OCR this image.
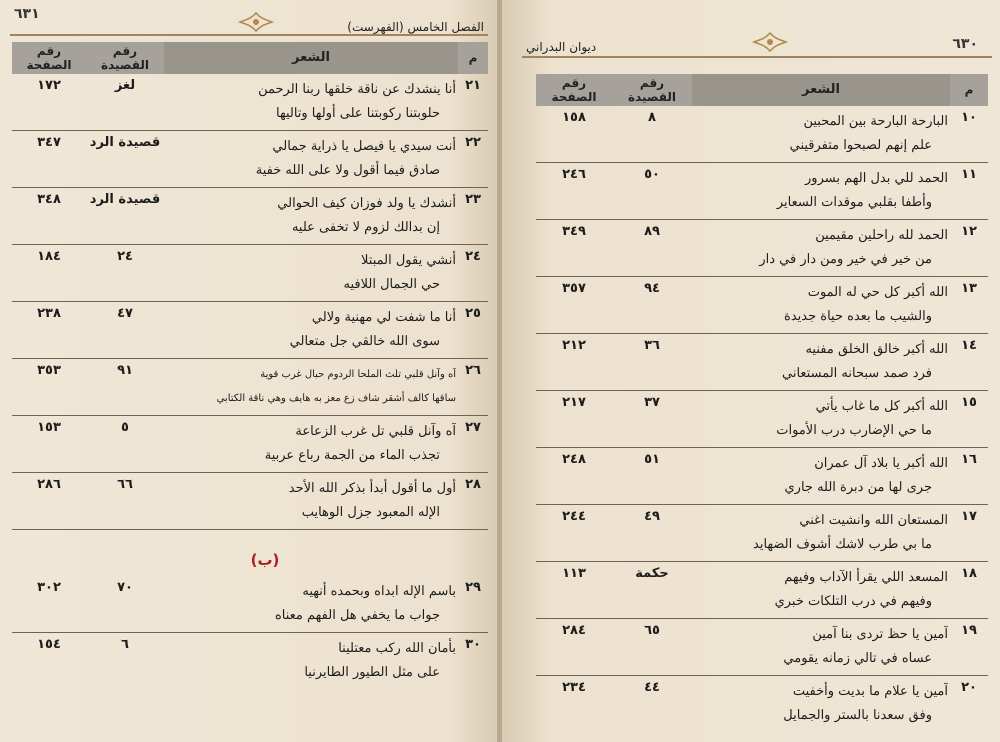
٦٣١
الفصل الخامس (الفهرست)
م	الشعر	رقم القصيدة	رقم الصفحة
٢١	أنا ينشدك عن ناقة خلقها ربنا الرحمن
حلوبتنا ركوبتنا على أولها وتاليها	لغز	١٧٢
٢٢	أنت سيدي يا فيصل يا ذراية جمالي
صادق فيما أقول ولا على الله خفية	قصيدة الرد	٣٤٧
٢٣	أنشدك يا ولد فوزان كيف الحوالي
إن بدالك لزوم لا تخفى عليه	قصيدة الرد	٣٤٨
٢٤	أنشي يقول المبتلا
حي الجمال اللافيه	٢٤	١٨٤
٢٥	أنا ما شفت لي مهنية ولالي
سوى الله خالقي جل متعالي	٤٧	٢٣٨
٢٦	آه وآنل قلبي تلث الملحا الردوم حبال غرب قوية
ساقها كالف أشقر شاف زع معز به هايف وهي ناقة الكتابي	٩١	٣٥٣
٢٧	آه وآنل قلبي تل غرب الزعاعة
تجذب الماء من الجمة رباع عربية	٥	١٥٣
٢٨	أول ما أقول أبدأ بذكر الله الأحد
الإله المعبود جزل الوهايب	٦٦	٢٨٦

	(ب)		

٢٩	باسم الإله ابداه وبحمده أنهيه
جواب ما يخفي هل الفهم معناه	٧٠	٣٠٢
٣٠	بأمان الله ركب معتلينا
على مثل الطيور الطايرنيا	٦	١٥٤
ديوان البدراني	٦٣٠
م	الشعر	رقم القصيدة	رقم الصفحة
١٠	البارحة البارحة بين المحبين
علم إنهم لصبحوا متفرقيني	٨	١٥٨
١١	الحمد للي بدل الهم بسرور
وأطفا بقلبي موقدات السعاير	٥٠	٢٤٦
١٢	الحمد لله راحلين مقيمين
من خير في خير ومن دار في دار	٨٩	٣٤٩
١٣	الله أكبر كل حي له الموت
والشيب ما بعده حياة جديدة	٩٤	٣٥٧
١٤	الله أكبر خالق الخلق مفنيه
فرد صمد سبحانه المستعاني	٣٦	٢١٢
١٥	الله أكبر كل ما غاب يأتي
ما حي الإضارب درب الأموات	٣٧	٢١٧
١٦	الله أكبر يا بلاد آل عمران
جرى لها من دبرة الله جاري	٥١	٢٤٨
١٧	المستعان الله وانشيت اغني
ما بي طرب لاشك أشوف الضهايد	٤٩	٢٤٤
١٨	المسعد اللي يقرأ الآداب وفيهم
وفيهم في درب التلكات خبري	حكمة	١١٣
١٩	آمين يا حظ تردى بنا آمين
عساه في تالي زمانه يقومي	٦٥	٢٨٤
٢٠	آمين يا علام ما بديت وأخفيت
وفق سعدنا بالستر والجمايل	٤٤	٢٣٤
